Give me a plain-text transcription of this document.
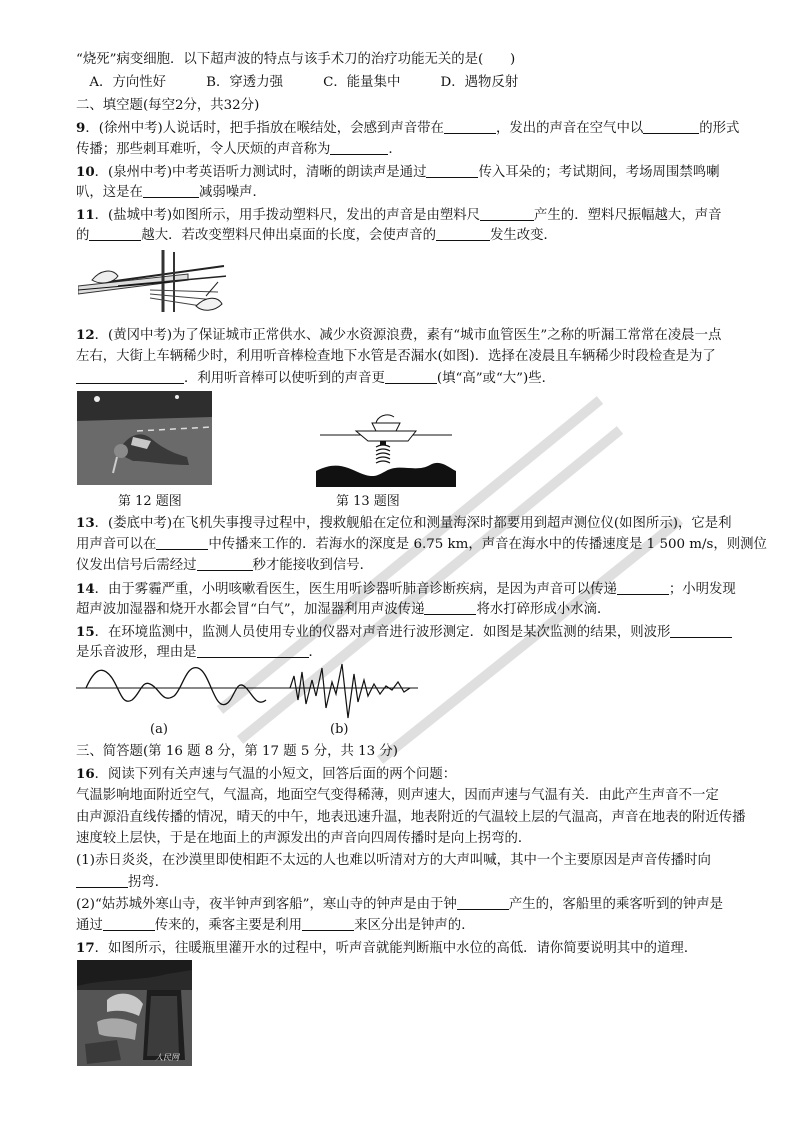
“烧死”病变细胞．以下超声波的特点与该手术刀的治疗功能无关的是(　　)
　A．方向性好　　　B．穿透力强　　　C．能量集中　　　D．遇物反射
二、填空题(每空2分，共32分)
9．(徐州中考)人说话时，把手指放在喉结处，会感到声音带在	，发出的声音在空气中以	的形式
传播；那些刺耳难听，令人厌烦的声音称为	.
10．(泉州中考)中考英语听力测试时，清晰的朗读声是通过	传入耳朵的；考试期间，考场周围禁鸣喇
叭，这是在	减弱噪声．
11．(盐城中考)如图所示，用手拨动塑料尺，发出的声音是由塑料尺	产生的．塑料尺振幅越大，声音
的	越大．若改变塑料尺伸出桌面的长度，会使声音的	发生改变．
12．(黄冈中考)为了保证城市正常供水、减少水资源浪费，素有“城市血管医生”之称的听漏工常常在凌晨一点
左右，大街上车辆稀少时，利用听音棒检查地下水管是否漏水(如图)．选择在凌晨且车辆稀少时段检查是为了
．利用听音棒可以使听到的声音更	(填“高”或“大”)些．
第 12 题图	第 13 题图
13．(娄底中考)在飞机失事搜寻过程中，搜救舰船在定位和测量海深时都要用到超声测位仪(如图所示)，它是利
用声音可以在	中传播来工作的．若海水的深度是 6.75 km，声音在海水中的传播速度是 1 500 m/s，则测位
仪发出信号后需经过	秒才能接收到信号．
14．由于雾霾严重，小明咳嗽看医生，医生用听诊器听肺音诊断疾病，是因为声音可以传递	；小明发现
超声波加湿器和烧开水都会冒“白气”，加湿器利用声波传递	将水打碎形成小水滴．
15．在环境监测中，监测人员使用专业的仪器对声音进行波形测定．如图是某次监测的结果，则波形
是乐音波形，理由是	．
(a)	(b)
三、简答题(第 16 题 8 分，第 17 题 5 分，共 13 分)
16．阅读下列有关声速与气温的小短文，回答后面的两个问题：
气温影响地面附近空气，气温高，地面空气变得稀薄，则声速大，因而声速与气温有关．由此产生声音不一定
由声源沿直线传播的情况，晴天的中午，地表迅速升温，地表附近的气温较上层的气温高，声音在地表的附近传播
速度较上层快，于是在地面上的声源发出的声音向四周传播时是向上拐弯的．
(1)赤日炎炎，在沙漠里即使相距不太远的人也难以听清对方的大声叫喊，其中一个主要原因是声音传播时向
拐弯．
(2)“姑苏城外寒山寺，夜半钟声到客船”，寒山寺的钟声是由于钟	产生的，客船里的乘客听到的钟声是
通过	传来的，乘客主要是利用	来区分出是钟声的．
17．如图所示，往暖瓶里灌开水的过程中，听声音就能判断瓶中水位的高低．请你简要说明其中的道理．
人民网
